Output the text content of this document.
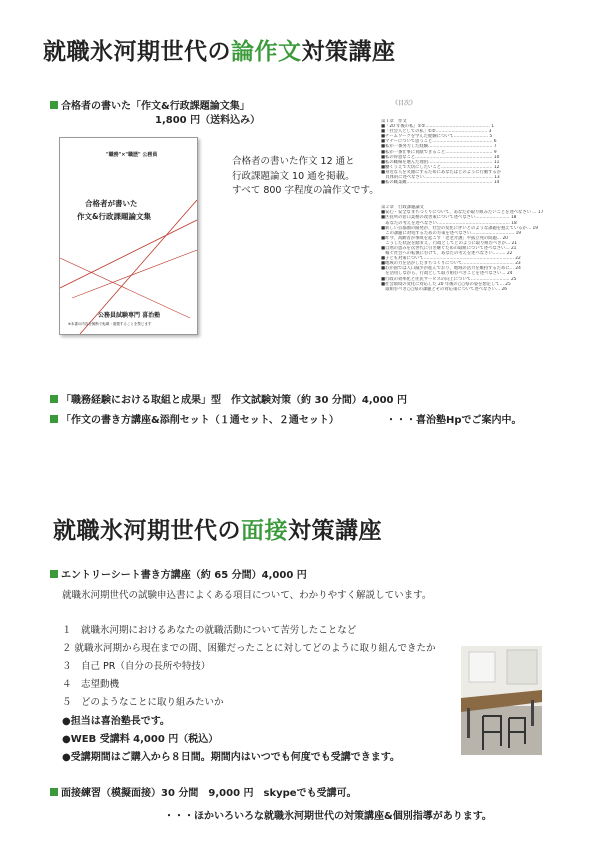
就職氷河期世代の論作文対策講座
合格者の書いた「作文&行政課題論文集」
1,800 円（送料込み）
"職務"×"職歴" 公務員
合格者が書いた
作文&行政課題論文集
公務員試験専門 喜治塾
※本書の内容を無断で転載・複製することを禁じます
合格者の書いた作文 12 通と
行政課題論文 10 通を掲載。
すべて 800 字程度の論作文です。
《目次》
第１章　作文
■「20 年後の私」①②……………………………………… 1
■「社会人としての私」①②……………………………… 3
■チームワークを学んだ経験について…………………… 5
■マナーについて思うこと…………………………………… 6
■私が一番努力した経験……………………………………… 7
■私が一番仕事に貢献できること…………………………… 9
■私の得意なこと……………………………………………… 10
■私の職場を選んだ理由……………………………………… 11
■働くうえで大切にしたいこと……………………………… 12
■身近な人を笑顔にするためにあなたはどのように行動するか
　具体的に述べなさい………………………………………… 13
■私の職業観…………………………………………………… 14
第２章　行政課題論文
■安心・安全なまちづくりについて、あなたが取り組みたいことを述べなさい … 17
■区役所の窓口業務の改善策について述べなさい…………………… 18
　あなたの考えを述べなさい…………………………………………… 18
■新しい首都圏の開発が、社会の変化に伴いどのような課題を抱えているか… 19
　この課題に対処するための方策を述べなさい………………………… 19
■昨今、高齢者が事故を起こす「老老介護」や孤立死の問題… 20
　こうした状況を踏まえ、行政としてどのように取り組むべきか… 21
■自然の恵みを次世代に引き継ぐための取組について述べなさい… 21
　稼ぐ社会への転換にむけて、あなたの考えを述べなさい……… 22
■子ども対策について……………………………………………………… 22
■地域の力を活かしたまちづくりについて……………………………… 23
■わが国では人口減少が進んでおり、地域の活力を維持するために… 24
　を活用しながら、行政として取り組むべきことを述べなさい… 24
■行政の効率化と住民サービスの向上について……………………… 25
■社会環境の変化に対応した 20 年後の○○県の姿を想定して… 25
　取組むべき○○県の課題とその対応策について述べなさい… 26
「職務経験における取組と成果」型　作文試験対策（約 30 分間）4,000 円
「作文の書き方講座&添削セット（１通セット、２通セット）	・・・喜治塾Hpでご案内中。
就職氷河期世代の面接対策講座
エントリーシート書き方講座（約 65 分間）4,000 円
就職氷河期世代の試験申込書によくある項目について、わかりやすく解説しています。
１　就職氷河期におけるあなたの就職活動について苦労したことなど
２ 就職氷河期から現在までの間、困難だったことに対してどのように取り組んできたか
３　自己 PR（自分の長所や特技）
４　志望動機
５　どのようなことに取り組みたいか
●担当は喜治塾長です。
●WEB 受講料 4,000 円（税込）
●受講期間はご購入から８日間。期間内はいつでも何度でも受講できます。
面接練習（模擬面接）30 分間　9,000 円　skypeでも受講可。
・・・ほかいろいろな就職氷河期世代の対策講座&個別指導があります。
